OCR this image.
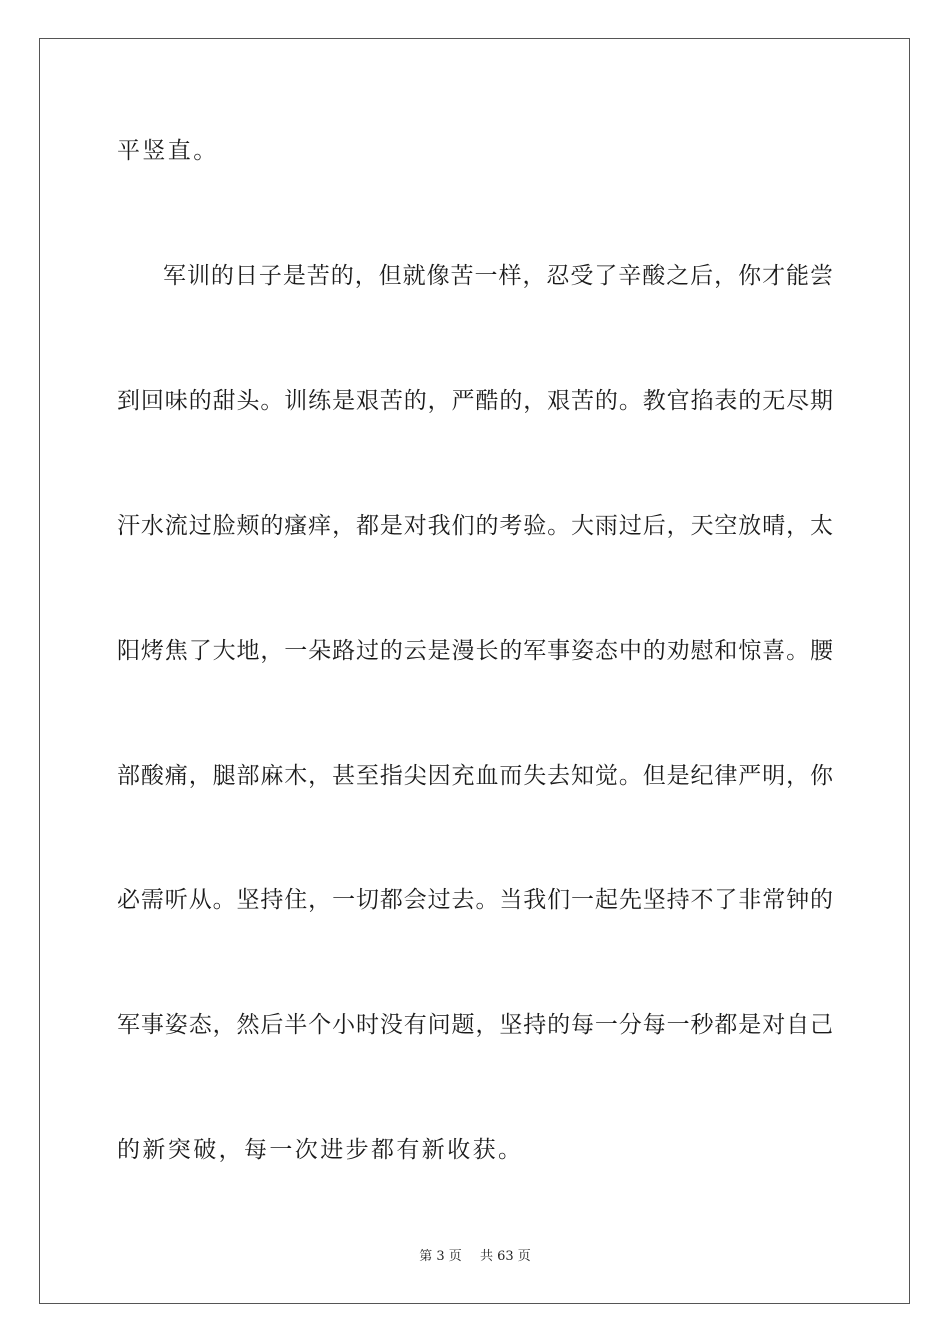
平竖直。
军训的日子是苦的，但就像苦一样，忍受了辛酸之后，你才能尝
到回味的甜头。训练是艰苦的，严酷的，艰苦的。教官掐表的无尽期
汗水流过脸颊的瘙痒，都是对我们的考验。大雨过后，天空放晴，太
阳烤焦了大地，一朵路过的云是漫长的军事姿态中的劝慰和惊喜。腰
部酸痛，腿部麻木，甚至指尖因充血而失去知觉。但是纪律严明，你
必需听从。坚持住，一切都会过去。当我们一起先坚持不了非常钟的
军事姿态，然后半个小时没有问题，坚持的每一分每一秒都是对自己
的新突破，每一次进步都有新收获。
第 3 页 共 63 页
